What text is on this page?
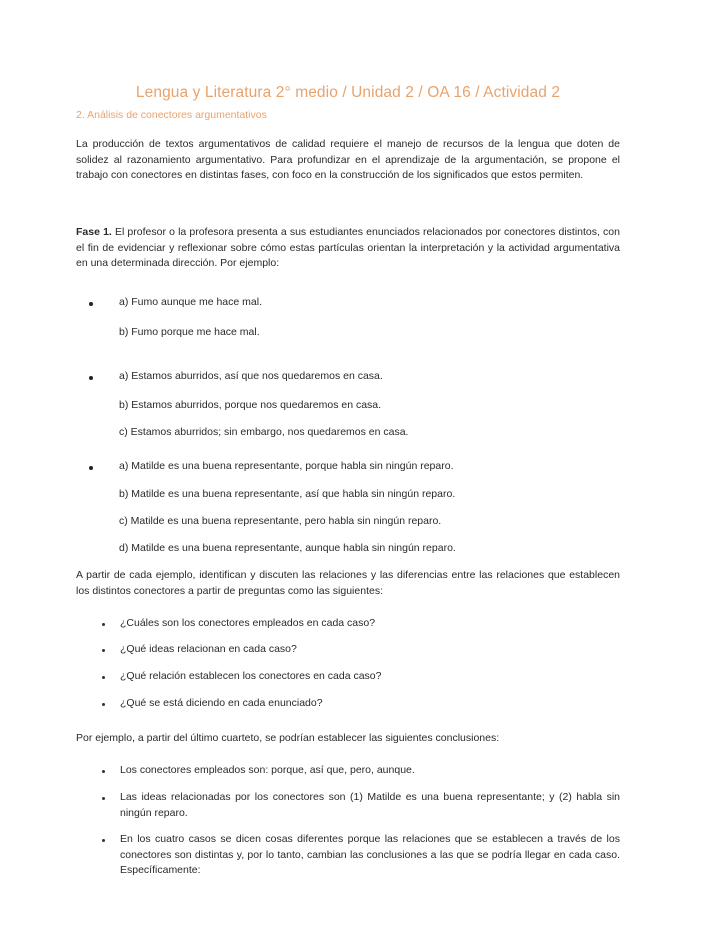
Lengua y Literatura 2° medio / Unidad 2 / OA 16 / Actividad 2
2. Análisis de conectores argumentativos
La producción de textos argumentativos de calidad requiere el manejo de recursos de la lengua que doten de solidez al razonamiento argumentativo. Para profundizar en el aprendizaje de la argumentación, se propone el trabajo con conectores en distintas fases, con foco en la construcción de los significados que estos permiten.
Fase 1. El profesor o la profesora presenta a sus estudiantes enunciados relacionados por conectores distintos, con el fin de evidenciar y reflexionar sobre cómo estas partículas orientan la interpretación y la actividad argumentativa en una determinada dirección. Por ejemplo:
a) Fumo aunque me hace mal.
b) Fumo porque me hace mal.
a) Estamos aburridos, así que nos quedaremos en casa.
b) Estamos aburridos, porque nos quedaremos en casa.
c) Estamos aburridos; sin embargo, nos quedaremos en casa.
a) Matilde es una buena representante, porque habla sin ningún reparo.
b) Matilde es una buena representante, así que habla sin ningún reparo.
c) Matilde es una buena representante, pero habla sin ningún reparo.
d) Matilde es una buena representante, aunque habla sin ningún reparo.
A partir de cada ejemplo, identifican y discuten las relaciones y las diferencias entre las relaciones que establecen los distintos conectores a partir de preguntas como las siguientes:
¿Cuáles son los conectores empleados en cada caso?
¿Qué ideas relacionan en cada caso?
¿Qué relación establecen los conectores en cada caso?
¿Qué se está diciendo en cada enunciado?
Por ejemplo, a partir del último cuarteto, se podrían establecer las siguientes conclusiones:
Los conectores empleados son: porque, así que, pero, aunque.
Las ideas relacionadas por los conectores son (1) Matilde es una buena representante; y (2) habla sin ningún reparo.
En los cuatro casos se dicen cosas diferentes porque las relaciones que se establecen a través de los conectores son distintas y, por lo tanto, cambian las conclusiones a las que se podría llegar en cada caso. Específicamente:
